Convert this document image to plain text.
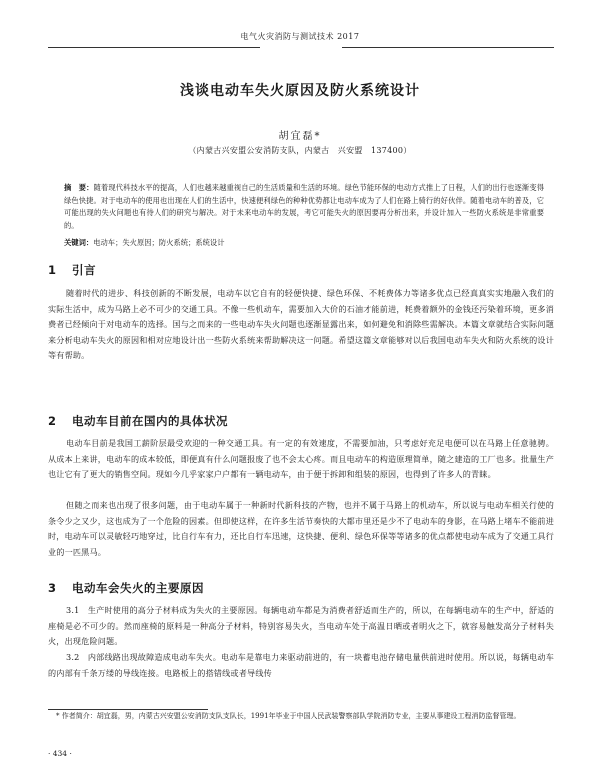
电气火灾消防与测试技术 2017
浅谈电动车失火原因及防火系统设计
胡宜磊*
（内蒙古兴安盟公安消防支队，内蒙古　兴安盟　137400）
摘　要：随着现代科技水平的提高，人们也越来越重视自己的生活质量和生活的环境。绿色节能环保的电动方式推上了日程，人们的出行也逐渐变得绿色快捷。对于电动车的使用也出现在人们的生活中，快速便利绿色的种种优势都让电动车成为了人们在路上骑行的好伙伴。随着电动车的普及，它可能出现的失火问题也有待人们的研究与解决。对于未来电动车的发展，考它可能失火的原因要再分析出来，并设计加入一些防火系统是非常重要的。
关键词：电动车；失火原因；防火系统；系统设计
1 引言
随着时代的进步、科技创新的不断发展，电动车以它自有的轻便快捷、绿色环保、不耗费体力等诸多优点已经真真实实地融入我们的实际生活中，成为马路上必不可少的交通工具。不像一些机动车，需要加入大价的石油才能前进，耗费着额外的金钱还污染着环境，更多消费者已经倾向于对电动车的选择。国与之而来的一些电动车失火问题也逐渐显露出来，如何避免和消除些需解决。本篇文章就结合实际问题来分析电动车失火的原因和相对应地设计出一些防火系统来帮助解决这一问题。希望这篇文章能够对以后我国电动车失火和防火系统的设计等有帮助。
2 电动车目前在国内的具体状况
电动车目前是我国工薪阶层最受欢迎的一种交通工具。有一定的有效速度，不需要加油，只考虑好充足电便可以在马路上任意驰骋。从成本上来讲，电动车的成本较低，即便真有什么问题报废了也不会太心疼。而且电动车的构造原理简单，随之建造的工厂也多。批量生产也让它有了更大的销售空间。现如今几乎家家户户都有一辆电动车，由于便于拆卸和组装的原因，也得到了许多人的青睐。
但随之而来也出现了很多问题，由于电动车属于一种新时代新科技的产物，也并不属于马路上的机动车，所以说与电动车相关行使的条令少之又少，这也成为了一个危险的因素。但即使这样，在许多生活节奏快的大都市里还是少不了电动车的身影，在马路上堵车不能前进时，电动车可以灵敏轻巧地穿过，比自行车有力，还比自行车迅速，这快捷、便利、绿色环保等等诸多的优点都使电动车成为了交通工具行业的一匹黑马。
3 电动车会失火的主要原因
3.1　生产时使用的高分子材料成为失火的主要原因。每辆电动车都是为消费者舒适而生产的，所以，在每辆电动车的生产中，舒适的座椅是必不可少的。然而座椅的原料是一种高分子材料，特别容易失火，当电动车处于高温日晒或者明火之下，就容易触发高分子材料失火，出现危险问题。
3.2　内部线路出现故障造成电动车失火。电动车是靠电力来驱动前进的，有一块蓄电池存储电量供前进时使用。所以说，每辆电动车的内部有千条万缕的导线连接。电路板上的搭错线或者导线传
* 作者简介：胡宜磊，男，内蒙古兴安盟公安消防支队支队长，1991年毕业于中国人民武装警察部队学院消防专业，主要从事建设工程消防监督管理。
· 434 ·
